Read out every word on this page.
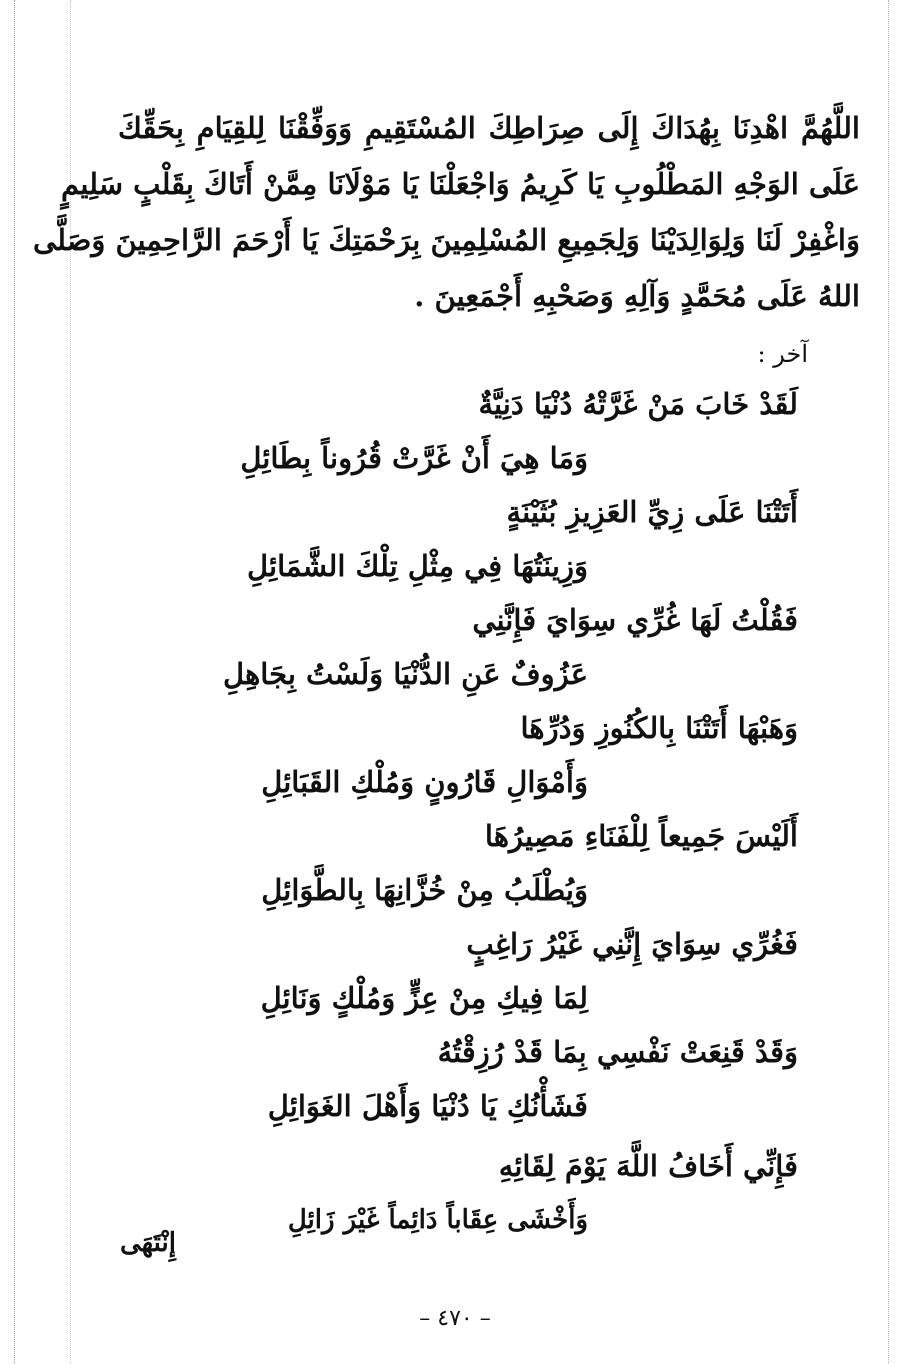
اللَّهُمَّ اهْدِنَا بِهُدَاكَ إِلَى صِرَاطِكَ المُسْتَقِيمِ وَوَفِّقْنَا لِلقِيَامِ بِحَقِّكَ
عَلَى الوَجْهِ المَطْلُوبِ يَا كَرِيمُ وَاجْعَلْنَا يَا مَوْلَانَا مِمَّنْ أَتَاكَ بِقَلْبٍ سَلِيمٍ
وَاغْفِرْ لَنَا وَلِوَالِدَيْنَا وَلِجَمِيعِ المُسْلِمِينَ بِرَحْمَتِكَ يَا أَرْحَمَ الرَّاحِمِينَ وَصَلَّى
اللهُ عَلَى مُحَمَّدٍ وَآلِهِ وَصَحْبِهِ أَجْمَعِينَ .
آخر :
لَقَدْ خَابَ مَنْ غَرَّتْهُ دُنْيَا دَنِيَّةٌ
وَمَا هِيَ أَنْ غَرَّتْ قُرُوناً بِطَائِلِ
أَتَتْنَا عَلَى زِيِّ العَزِيزِ بُثَيْنَةٍ
وَزِينَتُهَا فِي مِثْلِ تِلْكَ الشَّمَائِلِ
فَقُلْتُ لَهَا غُرِّي سِوَايَ فَإِنَّنِي
عَزُوفٌ عَنِ الدُّنْيَا وَلَسْتُ بِجَاهِلِ
وَهَبْهَا أَتَتْنَا بِالكُنُوزِ وَدُرِّهَا
وَأَمْوَالِ قَارُونٍ وَمُلْكِ القَبَائِلِ
أَلَيْسَ جَمِيعاً لِلْفَنَاءِ مَصِيرُهَا
وَيُطْلَبُ مِنْ خُزَّانِهَا بِالطَّوَائِلِ
فَغُرِّي سِوَايَ إِنَّنِي غَيْرُ رَاغِبٍ
لِمَا فِيكِ مِنْ عِزٍّ وَمُلْكٍ وَنَائِلِ
وَقَدْ قَنِعَتْ نَفْسِي بِمَا قَدْ رُزِقْتُهُ
فَشَأْنُكِ يَا دُنْيَا وَأَهْلَ الغَوَائِلِ
فَإِنِّي أَخَافُ اللَّهَ يَوْمَ لِقَائِهِ
وَأَخْشَى عِقَاباً دَائِماً غَيْرَ زَائِلِ
إِنْتَهَى
– ٤٧٠ –
